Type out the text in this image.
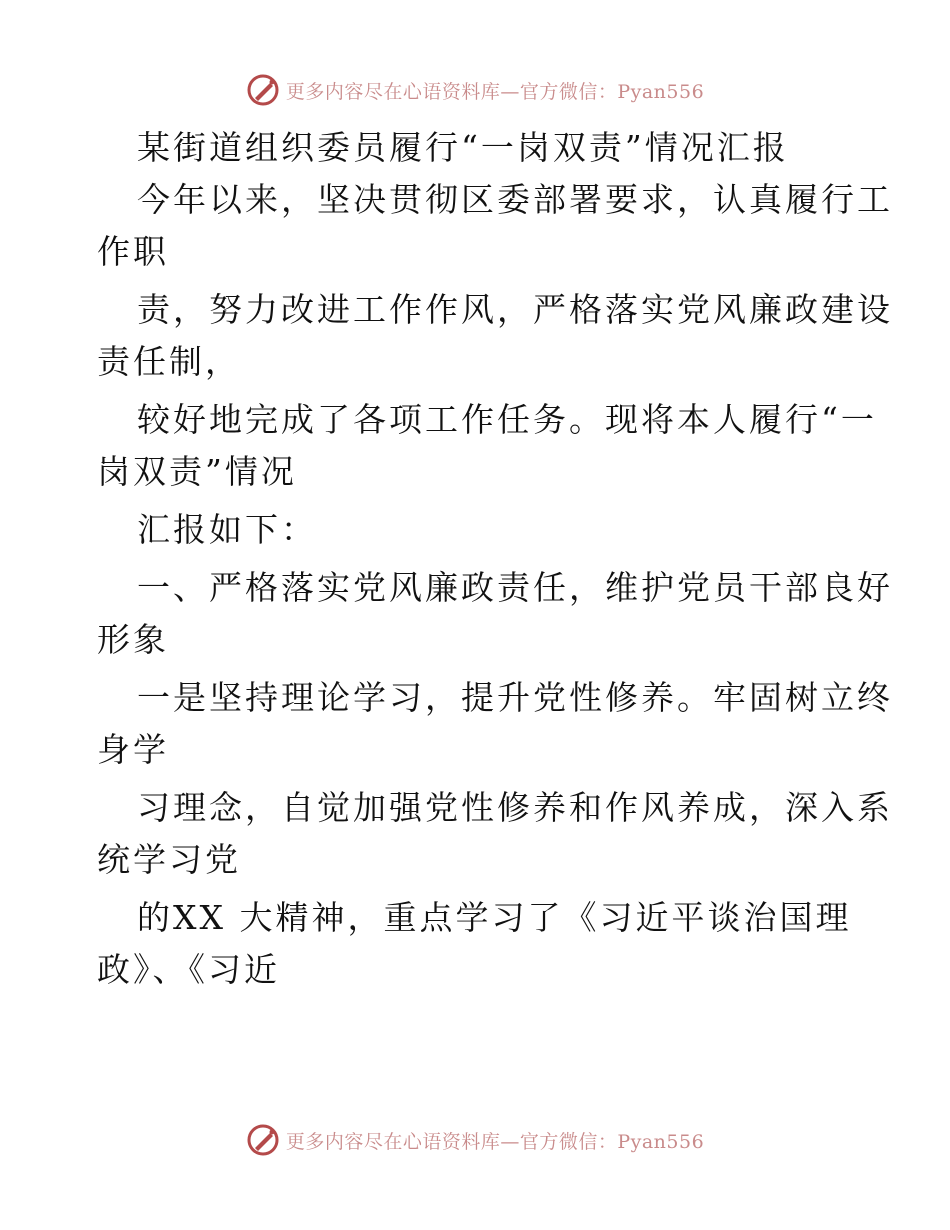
更多内容尽在心语资料库—官方微信：Pyan556

某街道组织委员履行“一岗双责”情况汇报

今年以来，坚决贯彻区委部署要求，认真履行工

作职

责，努力改进工作作风，严格落实党风廉政建设

责任制，

较好地完成了各项工作任务。现将本人履行“一

岗双责”情况

汇报如下：

一、严格落实党风廉政责任，维护党员干部良好

形象

一是坚持理论学习，提升党性修养。牢固树立终

身学

习理念，自觉加强党性修养和作风养成，深入系

统学习党

的XX 大精神，重点学习了《习近平谈治国理

政》、《习近

更多内容尽在心语资料库—官方微信：Pyan556
